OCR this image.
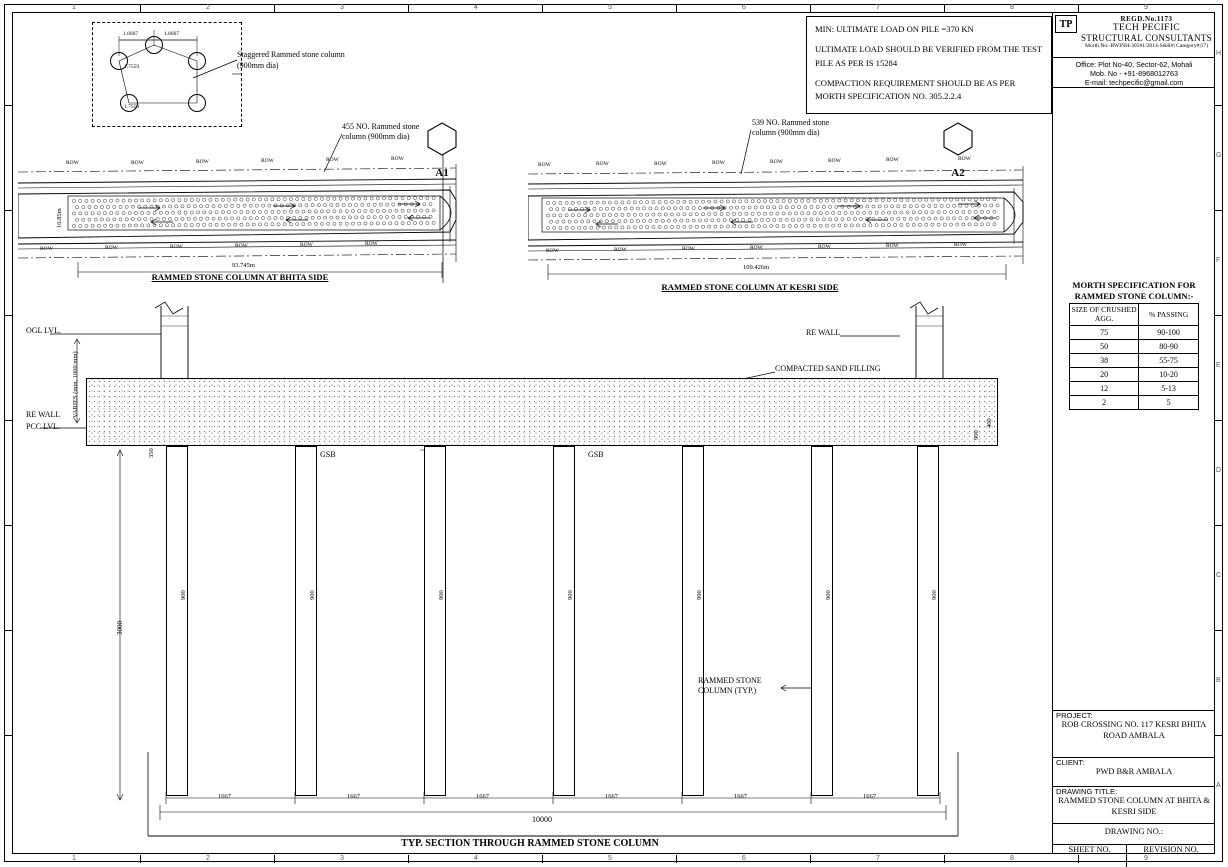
1	2	3	4	5	6	7	8	9
1	2	3	4	5	6	7	8	9
H
G
F
E
D
C
B
A
MIN: ULTIMATE LOAD ON PILE =370 KN
ULTIMATE LOAD SHOULD BE VERIFIED FROM THE TEST PILE AS PER IS 15284
COMPACTION REQUIREMENT SHOULD BE AS PER MORTH SPECIFICATION NO. 305.2.2.4
TP	REGD.No.1173
TECH PECIFIC
STRUCTURAL CONSULTANTS
Morth No:-RWINH-305#1/2014-S&R#| Category#|17)
Office: Plot No-40, Sector-62, Mohali
Mob. No - +91-8968012763
E-mail: techpecific@gmail.com
MORTH SPECIFICATION FOR RAMMED STONE COLUMN:-
SIZE OF CRUSHED AGG.	% PASSING
75	90-100
50	80-90
38	55-75
20	10-20
12	5-13
2	5
PROJECT:
ROB CROSSING NO. 117 KESRI BHITA ROAD AMBALA
CLIENT:
PWD B&R AMBALA
DRAWING TITLE:
RAMMED STONE COLUMN AT BHITA & KESRI SIDE
DRAWING NO.:
SHEET NO.	REVISION NO.
1.6667	1.6667
1.7559
1.7559
Staggered Rammed stone column (900mm dia)
ROW	ROW	ROW	ROW	ROW	ROW
ROW	ROW	ROW	ROW	ROW	ROW
10.85m
93.745m
RAMMED STONE COLUMN AT BHITA SIDE
455 NO. Rammed stone column (900mm dia)
A1
ROW	ROW	ROW	ROW	ROW	ROW	ROW	ROW
ROW	ROW	ROW	ROW	ROW	ROW	ROW
109.426m
RAMMED STONE COLUMN AT KESRI SIDE
539 NO. Rammed stone column (900mm dia)
A2
OGL LVL.
PCC LVL.
RE WALL VARIES (min. 1000 mm)
RE WALL
COMPACTED SAND FILLING
GSB	GSB
RAMMED STONE COLUMN (TYP.)
3000
400
900
350
900	900	900	900	900	900	900
1667	1667	1667	1667	1667	1667
10000
TYP. SECTION THROUGH RAMMED STONE COLUMN
